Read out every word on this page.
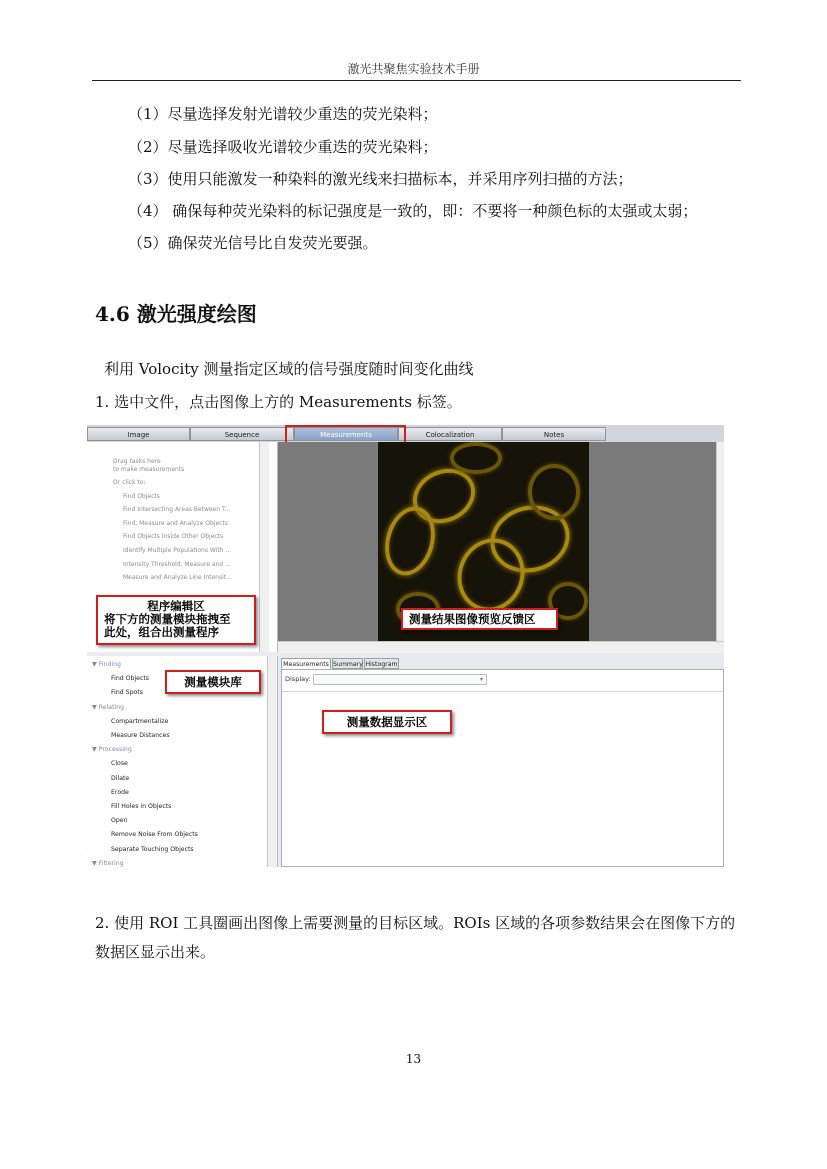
激光共聚焦实验技术手册
（1）尽量选择发射光谱较少重迭的荧光染料；
（2）尽量选择吸收光谱较少重迭的荧光染料；
（3）使用只能激发一种染料的激光线来扫描标本，并采用序列扫描的方法；
（4） 确保每种荧光染料的标记强度是一致的，即：不要将一种颜色标的太强或太弱；
（5）确保荧光信号比自发荧光要强。
4.6 激光强度绘图
利用 Volocity 测量指定区域的信号强度随时间变化曲线
1. 选中文件，点击图像上方的 Measurements 标签。
Image	Sequence	Measurements	Colocalization	Notes
Drag tasks here
to make measurements
Or click to:
Find Objects
Find Intersecting Areas Between T...
Find, Measure and Analyze Objects
Find Objects Inside Other Objects
Identify Multiple Populations With ...
Intensity Threshold, Measure and ...
Measure and Analyze Line Intensit...
▼ Finding
Find Objects
Find Spots
▼ Relating
Compartmentalize
Measure Distances
▼ Processing
Close
Dilate
Erode
Fill Holes in Objects
Open
Remove Noise From Objects
Separate Touching Objects
▼ Filtering
Measurements Summary Histogram
Display:	▾
程序编辑区
将下方的测量模块拖拽至
此处，组合出测量程序
测量结果图像预览反馈区
测量模块库
测量数据显示区
2. 使用 ROI 工具圈画出图像上需要测量的目标区域。ROIs 区域的各项参数结果会在图像下方的数据区显示出来。
13
